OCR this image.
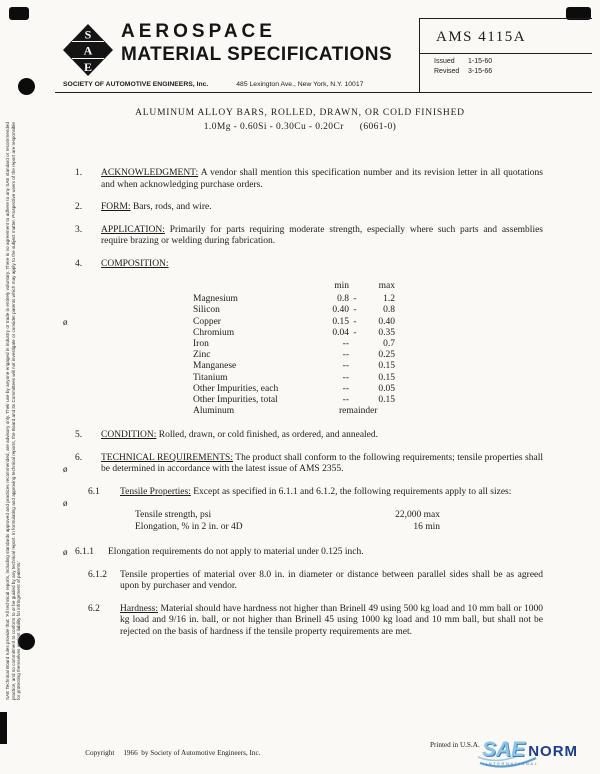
SAE Technical Board rules provide that: 'All technical reports, including standards approved and practices recommended, are advisory only. Their use by anyone engaged in industry or trade is entirely voluntary. There is no agreement to adhere to any SAE standard or recommended practice, and no commitment to conform to or be guided by any technical report. In formulating and approving technical reports, the Board and its Committees will not investigate or consider patents which may apply to the subject matter. Prospective users of the report are responsible for protecting themselves against liability for infringement of patents.'
S
A
E
AEROSPACE
MATERIAL SPECIFICATIONS
SOCIETY OF AUTOMOTIVE ENGINEERS, Inc.	485 Lexington Ave., New York, N.Y. 10017
AMS 4115A
Issued	1-15-60
Revised	3-15-66
ALUMINUM ALLOY BARS, ROLLED, DRAWN, OR COLD FINISHED
1.0Mg - 0.60Si - 0.30Cu - 0.20Cr (6061-0)
1.	ACKNOWLEDGMENT: A vendor shall mention this specification number and its revision letter in all quotations and when acknowledging purchase orders.
2.	FORM: Bars, rods, and wire.
3.	APPLICATION: Primarily for parts requiring moderate strength, especially where such parts and assemblies require brazing or welding during fabrication.
4.	COMPOSITION:
min	max
Magnesium	0.8 -	1.2
Silicon	0.40 -	0.8
ø	Copper	0.15 -	0.40
Chromium	0.04 -	0.35
Iron	--	0.7
Zinc	--	0.25
Manganese	--	0.15
Titanium	--	0.15
Other Impurities, each	--	0.05
Other Impurities, total	--	0.15
Aluminum	remainder
5.	CONDITION: Rolled, drawn, or cold finished, as ordered, and annealed.
ø
6.	TECHNICAL REQUIREMENTS: The product shall conform to the following requirements; tensile properties shall be determined in accordance with the latest issue of AMS 2355.
ø
6.1	Tensile Properties: Except as specified in 6.1.1 and 6.1.2, the following requirements apply to all sizes:
Tensile strength, psi	22,000 max
Elongation, % in 2 in. or 4D	16 min
ø 6.1.1	Elongation requirements do not apply to material under 0.125 inch.
6.1.2	Tensile properties of material over 8.0 in. in diameter or distance between parallel sides shall be as agreed upon by purchaser and vendor.
6.2	Hardness: Material should have hardness not higher than Brinell 49 using 500 kg load and 10 mm ball or 1000 kg load and 9/16 in. ball, or not higher than Brinell 45 using 1000 kg load and 10 mm ball, but shall not be rejected on the basis of hardness if the tensile property requirements are met.

Copyright     1966  by Society of Automotive Engineers, Inc.

Printed in U.S.A.

SAE NORM
INTERNATIONAL
